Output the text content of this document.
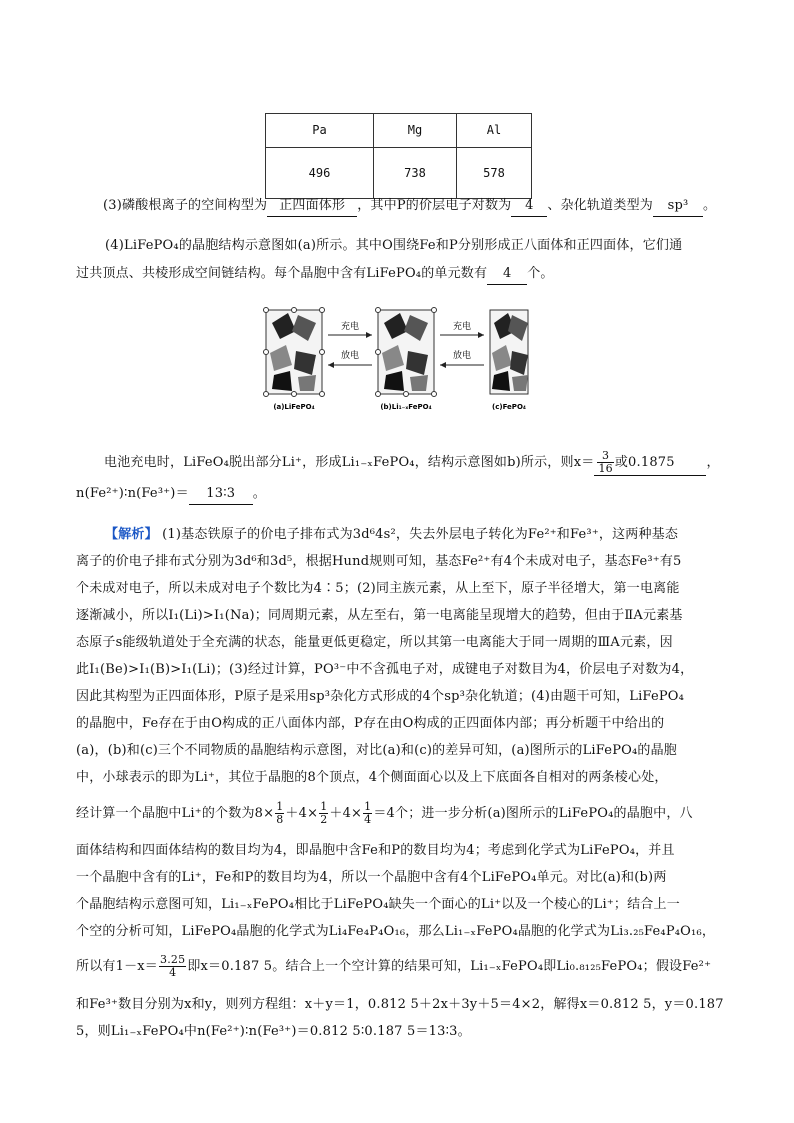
Pa	Mg	Al
496	738	578
(3)磷酸根离子的空间构型为 正四面体形 ，其中P的价层电子对数为 4 、杂化轨道类型为 sp³ 。
(4)LiFePO₄的晶胞结构示意图如(a)所示。其中O围绕Fe和P分别形成正八面体和正四面体，它们通
过共顶点、共棱形成空间链结构。每个晶胞中含有LiFePO₄的单元数有 4 个。
充电
放电
充电
放电
(a)LiFePO₄	(b)Li₁₋ₓFePO₄	(c)FePO₄
电池充电时，LiFeO₄脱出部分Li⁺，形成Li₁₋ₓFePO₄，结构示意图如b)所示，则$x= \frac{3}{16}$ 或0.1875 ，
n(Fe²⁺)∶n(Fe³⁺)＝ 13∶3 。
【解析】 (1)基态铁原子的价电子排布式为3d⁶4s²，失去外层电子转化为Fe²⁺和Fe³⁺，这两种基态
离子的价电子排布式分别为3d⁶和3d⁵，根据Hund规则可知，基态Fe²⁺有4个未成对电子，基态Fe³⁺有5
个未成对电子，所以未成对电子个数比为4∶5；(2)同主族元素，从上至下，原子半径增大，第一电离能
逐渐减小，所以I₁(Li)>I₁(Na)；同周期元素，从左至右，第一电离能呈现增大的趋势，但由于ⅡA元素基
态原子s能级轨道处于全充满的状态，能量更低更稳定，所以其第一电离能大于同一周期的ⅢA元素，因
此I₁(Be)>I₁(B)>I₁(Li)；(3)经过计算，PO³⁻中不含孤电子对，成键电子对数目为4，价层电子对数为4，
因此其构型为正四面体形，P原子是采用sp³杂化方式形成的4个sp³杂化轨道；(4)由题干可知，LiFePO₄
的晶胞中，Fe存在于由O构成的正八面体内部，P存在由O构成的正四面体内部；再分析题干中给出的
(a)，(b)和(c)三个不同物质的晶胞结构示意图，对比(a)和(c)的差异可知，(a)图所示的LiFePO₄的晶胞
中，小球表示的即为Li⁺，其位于晶胞的8个顶点，4个侧面面心以及上下底面各自相对的两条棱心处，
经计算一个晶胞中Li⁺的个数为$8\times \frac{1}{8} +4\times \frac{1}{2} +4\times \frac{1}{4} =4$个；进一步分析(a)图所示的LiFePO₄的晶胞中，八
面体结构和四面体结构的数目均为4，即晶胞中含Fe和P的数目均为4；考虑到化学式为LiFePO₄，并且
一个晶胞中含有的Li⁺，Fe和P的数目均为4，所以一个晶胞中含有4个LiFePO₄单元。对比(a)和(b)两
个晶胞结构示意图可知，Li₁₋ₓFePO₄相比于LiFePO₄缺失一个面心的Li⁺以及一个棱心的Li⁺；结合上一
个空的分析可知，LiFePO₄晶胞的化学式为Li₄Fe₄P₄O₁₆，那么Li₁₋ₓFePO₄晶胞的化学式为Li₃.₂₅Fe₄P₄O₁₆，
所以有$1-x= \frac{3.25}{4}$ 即x＝0.187 5。结合上一个空计算的结果可知，Li₁₋ₓFePO₄即Li₀.₈₁₂₅FePO₄；假设Fe²⁺
和Fe³⁺数目分别为x和y，则列方程组：x＋y＝1，0.812 5＋2x＋3y＋5＝4×2，解得x＝0.812 5，y＝0.187
5，则Li₁₋ₓFePO₄中n(Fe²⁺)∶n(Fe³⁺)＝0.812 5∶0.187 5＝13∶3。
